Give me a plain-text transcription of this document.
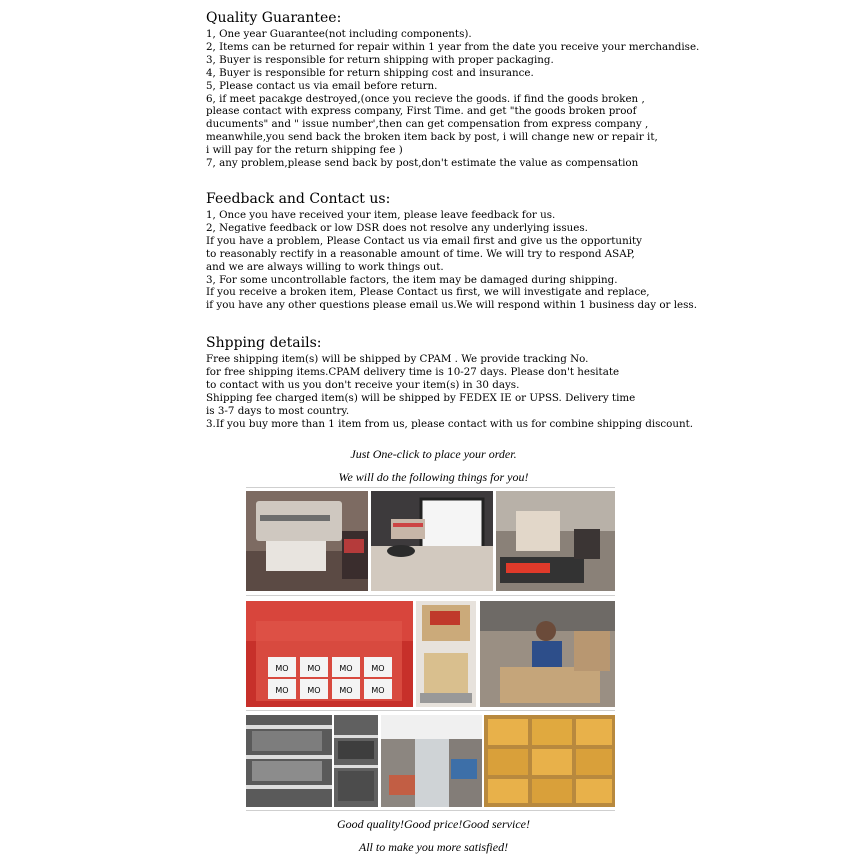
Quality Guarantee:
1, One year Guarantee(not including components).
2, Items can be returned for repair within 1 year from the date you receive your merchandise.
3, Buyer is responsible for return shipping with proper packaging.
4, Buyer is responsible for return shipping cost and insurance.
5, Please contact us via email before return.
6, if meet pacakge destroyed,(once you recieve the goods. if find the goods broken ,
please contact with express company, First Time. and get "the goods broken proof
ducuments" and " issue number',then can get compensation from express company ,
meanwhile,you send back the broken item back by post, i will change new or repair it,
i will pay for the return shipping fee )
7, any problem,please send back by post,don't estimate the value as compensation
Feedback and Contact us:
1, Once you have received your item, please leave feedback for us.
2, Negative feedback or low DSR does not resolve any underlying issues.
If you have a problem, Please Contact us via email first and give us the opportunity
to reasonably rectify in a reasonable amount of time. We will try to respond ASAP,
and we are always willing to work things out.
3, For some uncontrollable factors, the item may be damaged during shipping.
If you receive a broken item, Please Contact us first, we will investigate and replace,
if you have any other questions please email us.We will respond within 1 business day or less.
Shpping details:
Free shipping item(s) will be shipped by CPAM . We provide tracking No.
for free shipping items.CPAM delivery time is 10-27 days. Please don't hesitate
to contact with us you don't receive your item(s) in 30 days.
Shipping fee charged item(s) will be shipped by FEDEX IE or UPSS. Delivery time
is 3-7 days to most country.
3.If you buy more than 1 item from us, please contact with us for combine shipping discount.
Just One-click to place your order.
We will do the following things for you!
MO MO MO MO
MO MO MO MO
Good quality!Good price!Good service!
All to make you more satisfied!
